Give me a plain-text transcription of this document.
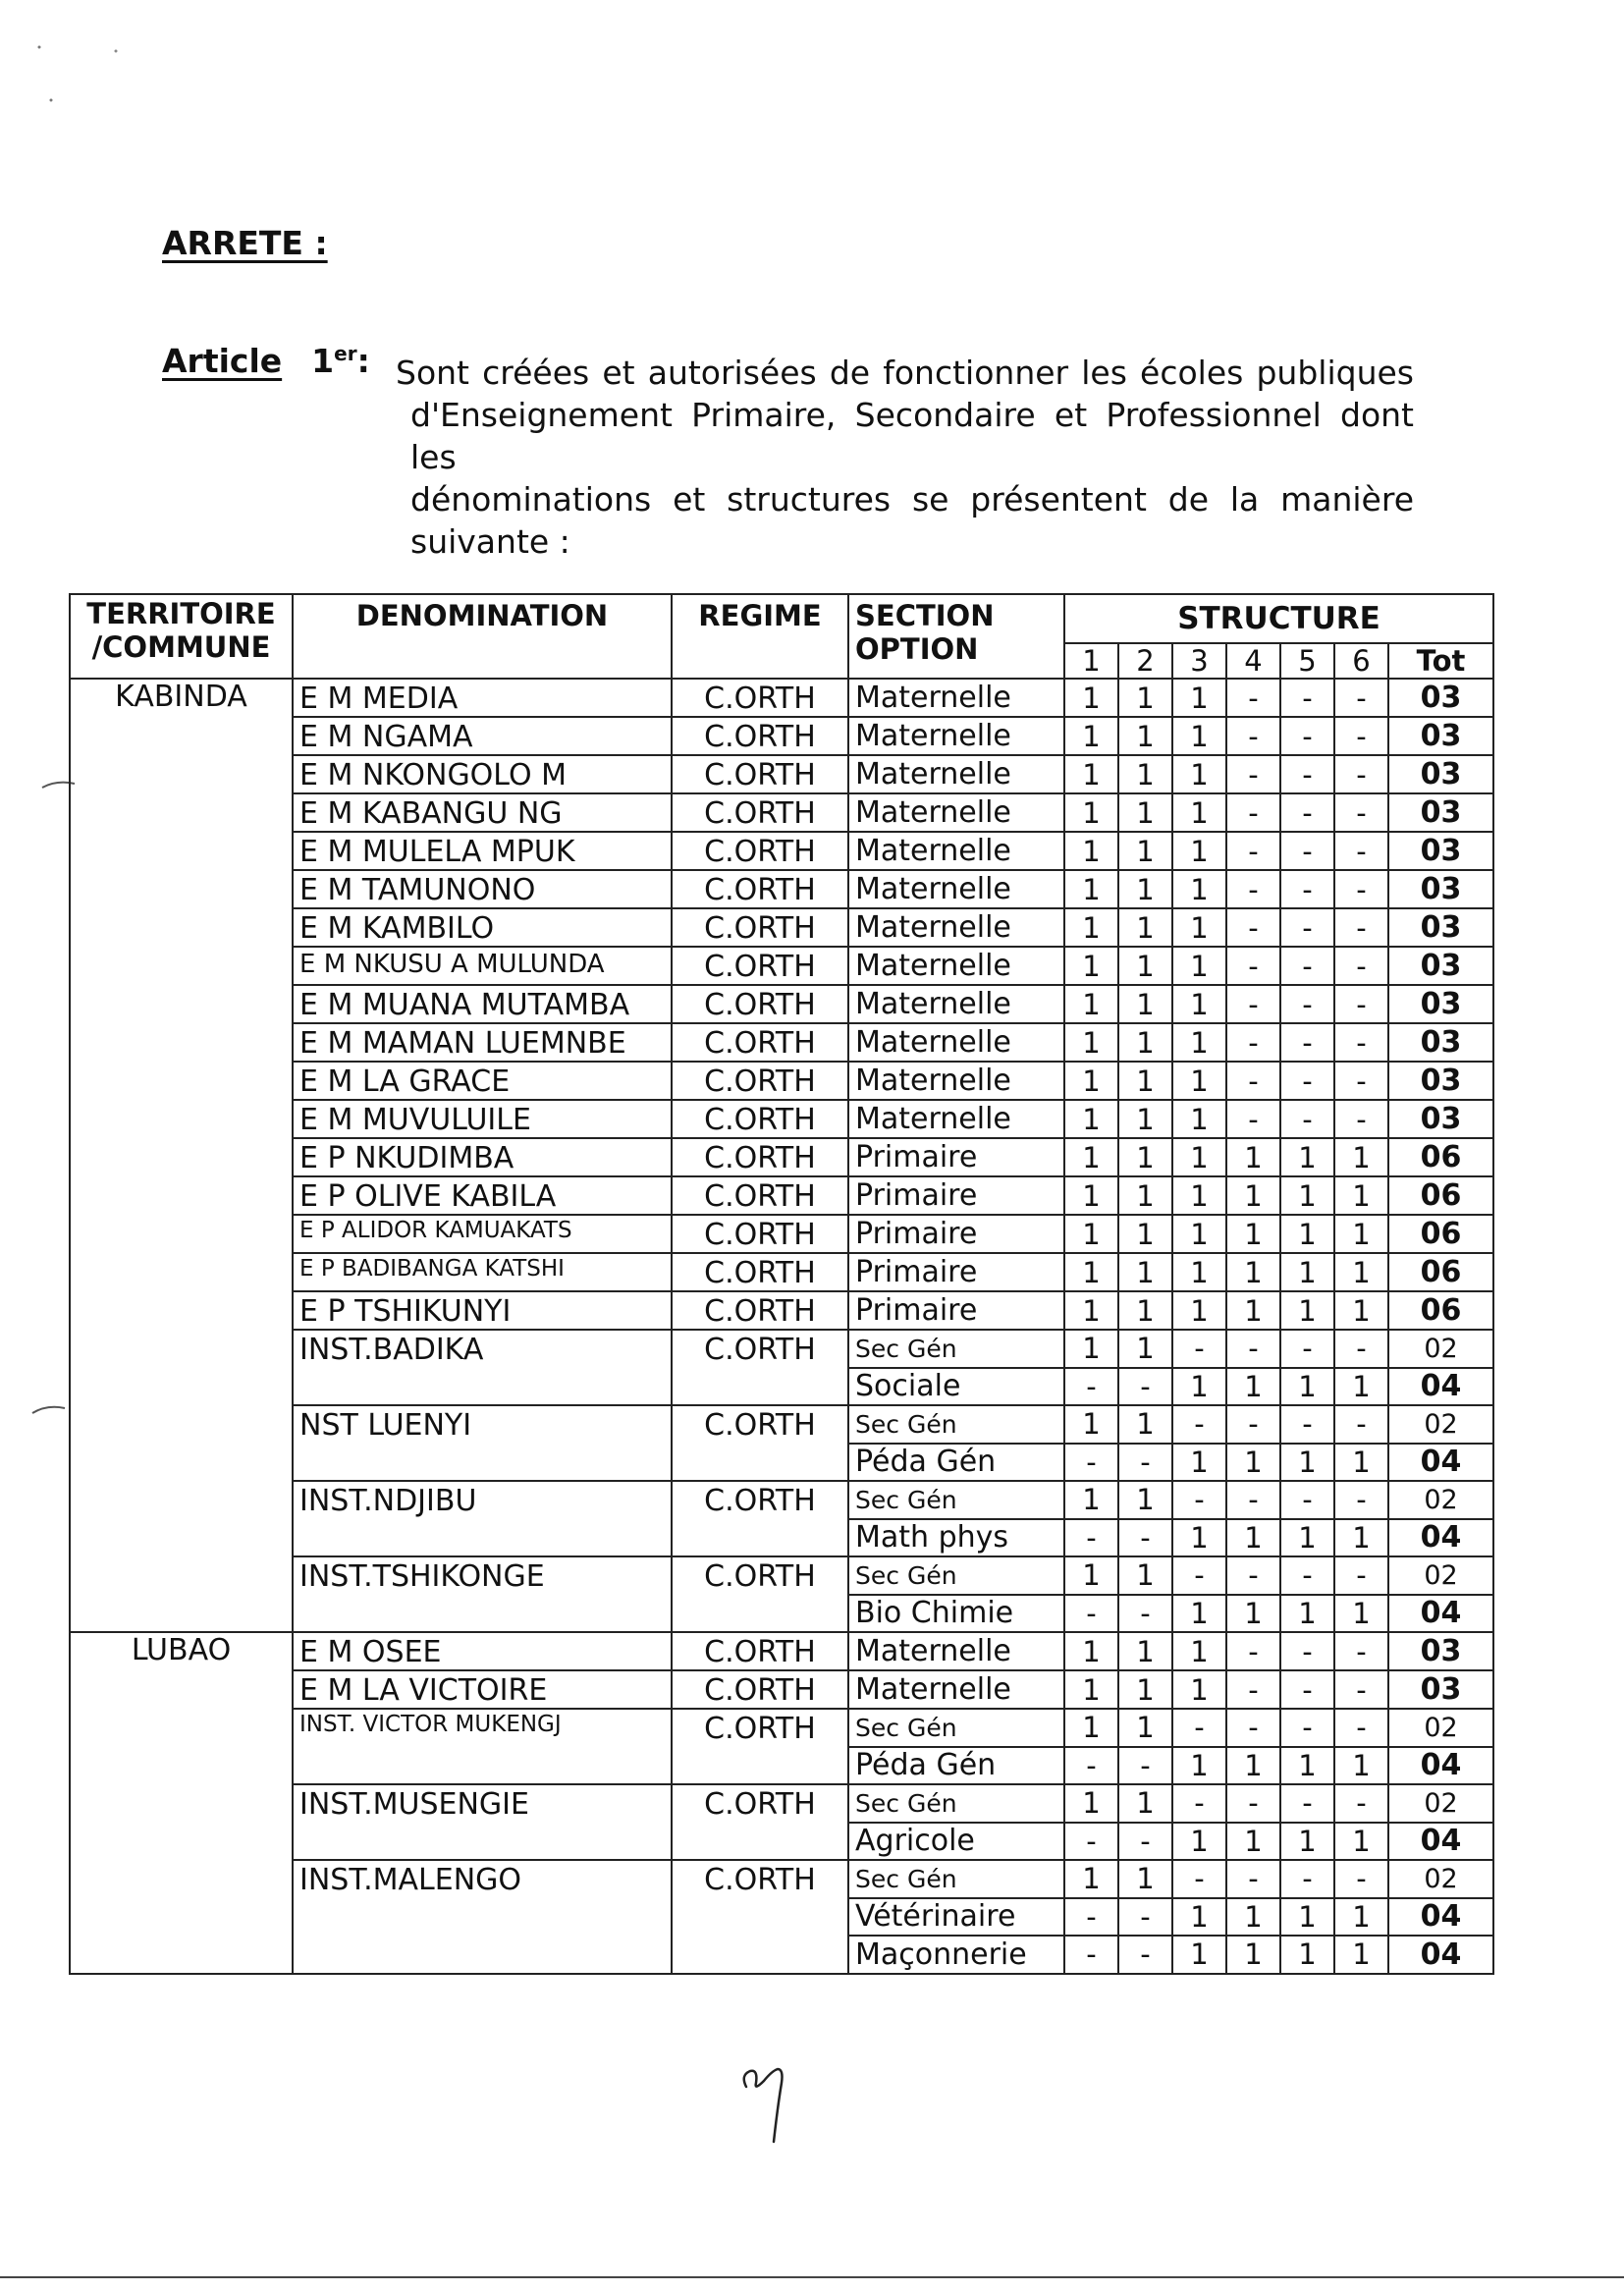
ARRETE :
Article 1er: Sont créées et autorisées de fonctionner les écoles publiques
d'Enseignement Primaire, Secondaire et Professionnel dont les
dénominations et structures se présentent de la manière
suivante :

TERRITOIRE
/COMMUNE	DENOMINATION	REGIME	SECTION
OPTION	STRUCTURE						
				1	2	3	4	5	6	Tot
KABINDA	E M MEDIA	C.ORTH	Maternelle	1	1	1	-	-	-	03
	E M NGAMA	C.ORTH	Maternelle	1	1	1	-	-	-	03
	E M NKONGOLO M	C.ORTH	Maternelle	1	1	1	-	-	-	03
	E M KABANGU NG	C.ORTH	Maternelle	1	1	1	-	-	-	03
	E M MULELA MPUK	C.ORTH	Maternelle	1	1	1	-	-	-	03
	E M TAMUNONO	C.ORTH	Maternelle	1	1	1	-	-	-	03
	E M KAMBILO	C.ORTH	Maternelle	1	1	1	-	-	-	03
	E M NKUSU A MULUNDA	C.ORTH	Maternelle	1	1	1	-	-	-	03
	E M MUANA MUTAMBA	C.ORTH	Maternelle	1	1	1	-	-	-	03
	E M MAMAN LUEMNBE	C.ORTH	Maternelle	1	1	1	-	-	-	03
	E M LA GRACE	C.ORTH	Maternelle	1	1	1	-	-	-	03
	E M MUVULUILE	C.ORTH	Maternelle	1	1	1	-	-	-	03
	E P NKUDIMBA	C.ORTH	Primaire	1	1	1	1	1	1	06
	E P OLIVE KABILA	C.ORTH	Primaire	1	1	1	1	1	1	06
	E P ALIDOR KAMUAKATS	C.ORTH	Primaire	1	1	1	1	1	1	06
	E P BADIBANGA KATSHI	C.ORTH	Primaire	1	1	1	1	1	1	06
	E P TSHIKUNYI	C.ORTH	Primaire	1	1	1	1	1	1	06
	INST.BADIKA	C.ORTH	Sec Gén	1	1	-	-	-	-	02
			Sociale	-	-	1	1	1	1	04
	NST LUENYI	C.ORTH	Sec Gén	1	1	-	-	-	-	02
			Péda Gén	-	-	1	1	1	1	04
	INST.NDJIBU	C.ORTH	Sec Gén	1	1	-	-	-	-	02
			Math phys	-	-	1	1	1	1	04
	INST.TSHIKONGE	C.ORTH	Sec Gén	1	1	-	-	-	-	02
			Bio Chimie	-	-	1	1	1	1	04
LUBAO	E M OSEE	C.ORTH	Maternelle	1	1	1	-	-	-	03
	E M LA VICTOIRE	C.ORTH	Maternelle	1	1	1	-	-	-	03
	INST. VICTOR MUKENGJ	C.ORTH	Sec Gén	1	1	-	-	-	-	02
			Péda Gén	-	-	1	1	1	1	04
	INST.MUSENGIE	C.ORTH	Sec Gén	1	1	-	-	-	-	02
			Agricole	-	-	1	1	1	1	04
	INST.MALENGO	C.ORTH	Sec Gén	1	1	-	-	-	-	02
			Vétérinaire	-	-	1	1	1	1	04
			Maçonnerie	-	-	1	1	1	1	04
